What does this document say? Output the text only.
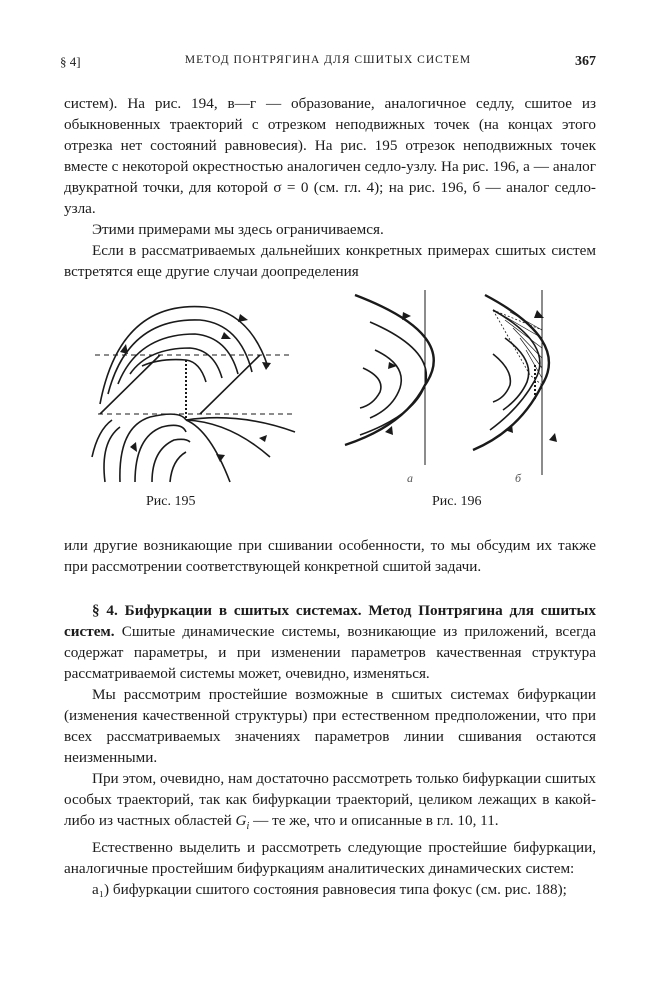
§ 4]	МЕТОД ПОНТРЯГИНА ДЛЯ СШИТЫХ СИСТЕМ	367

систем). На рис. 194, в—г — образование, аналогичное седлу, сшитое из обыкновенных траекторий с отрезком неподвижных точек (на концах этого отрезка нет состояний равновесия). На рис. 195 отрезок неподвижных точек вместе с некоторой окрестностью аналогичен седло-узлу. На рис. 196, а — аналог двукратной точки, для которой σ = 0 (см. гл. 4); на рис. 196, б — аналог седло-узла.

Этими примерами мы здесь ограничиваемся.

Если в рассматриваемых дальнейших конкретных примерах сшитых систем встретятся еще другие случаи доопределения

Рис. 195
а	б
Рис. 196

или другие возникающие при сшивании особенности, то мы обсудим их также при рассмотрении соответствующей конкретной сшитой задачи.

§ 4. Бифуркации в сшитых системах. Метод Понтрягина для сшитых систем. Сшитые динамические системы, возникающие из приложений, всегда содержат параметры, и при изменении параметров качественная структура рассматриваемой системы может, очевидно, изменяться.

Мы рассмотрим простейшие возможные в сшитых системах бифуркации (изменения качественной структуры) при естественном предположении, что при всех рассматриваемых значениях параметров линии сшивания остаются неизменными.

При этом, очевидно, нам достаточно рассмотреть только бифуркации сшитых особых траекторий, так как бифуркации траекторий, целиком лежащих в какой-либо из частных областей $G_i$ — те же, что и описанные в гл. 10, 11.

Естественно выделить и рассмотреть следующие простейшие бифуркации, аналогичные простейшим бифуркациям аналитических динамических систем:

a₁) бифуркации сшитого состояния равновесия типа фокус (см. рис. 188);
